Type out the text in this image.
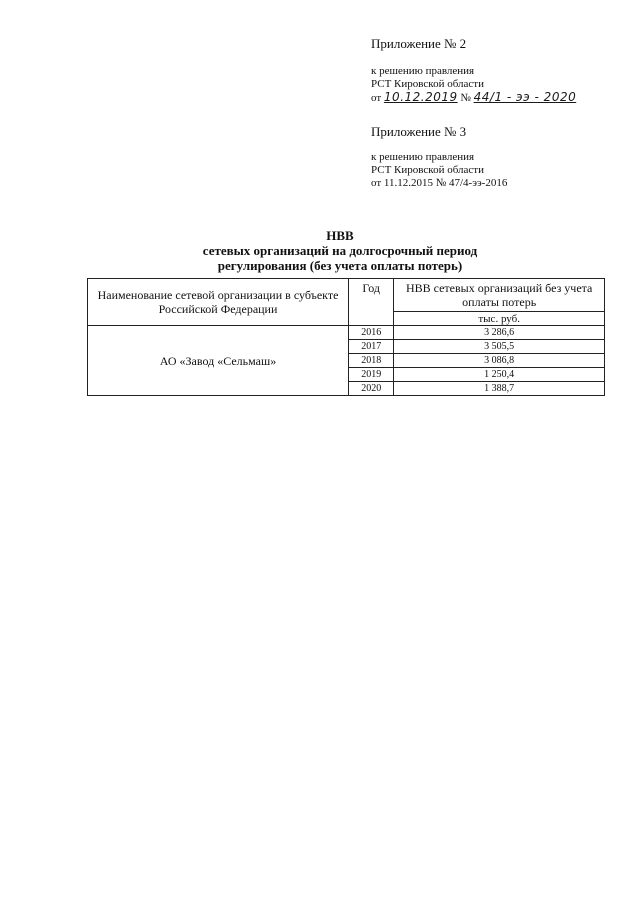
Приложение № 2
к решению правления
РСТ Кировской области
от 10.12.2019 № 44/1 - ээ - 2020
Приложение № 3
к решению правления
РСТ Кировской области
от 11.12.2015 № 47/4-ээ-2016
НВВ
сетевых организаций на долгосрочный период
регулирования (без учета оплаты потерь)
Наименование сетевой организации в субъекте Российской Федерации	Год	НВВ сетевых организаций без учета оплаты потерь
		тыс. руб.
АО «Завод «Сельмаш»	2016	3 286,6
	2017	3 505,5
	2018	3 086,8
	2019	1 250,4
	2020	1 388,7
